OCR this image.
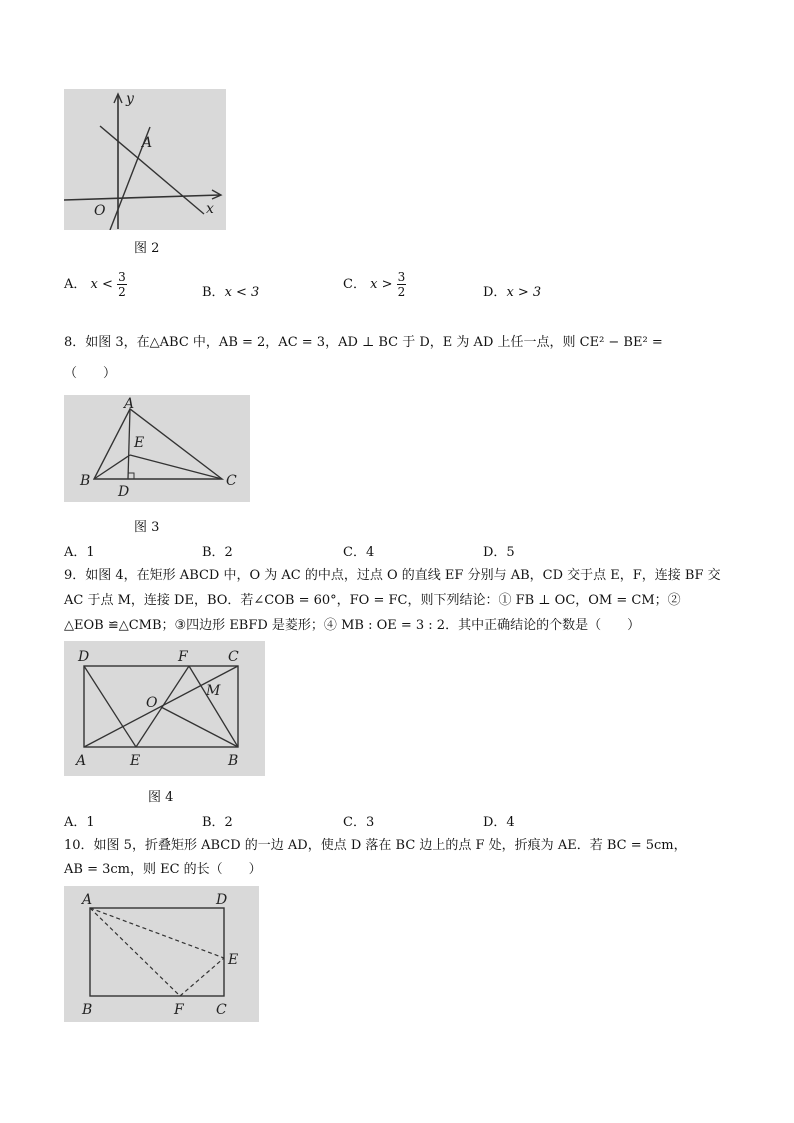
y
A
O	x
图 2
A． $x < \frac{3}{2}$	B．x < 3
C． $x > \frac{3}{2}$	D．x > 3
8．如图 3，在△ABC 中，AB = 2，AC = 3，AD ⊥ BC 于 D，E 为 AD 上任一点，则 CE² − BE² =
（　　）
A
E
B
D
C
图 3
A．1	B．2	C．4	D．5
9．如图 4，在矩形 ABCD 中，O 为 AC 的中点，过点 O 的直线 EF 分别与 AB，CD 交于点 E，F，连接 BF 交
AC 于点 M，连接 DE，BO．若∠COB = 60°，FO = FC，则下列结论：① FB ⊥ OC，OM = CM；②
△EOB ≌△CMB；③四边形 EBFD 是菱形；④ MB : OE = 3 : 2．其中正确结论的个数是（　　）
D	F	C
M
O
A	E	B
图 4
A．1	B．2	C．3	D．4
10．如图 5，折叠矩形 ABCD 的一边 AD，使点 D 落在 BC 边上的点 F 处，折痕为 AE．若 BC = 5cm，
AB = 3cm，则 EC 的长（　　）
A	D
E
B	F C
